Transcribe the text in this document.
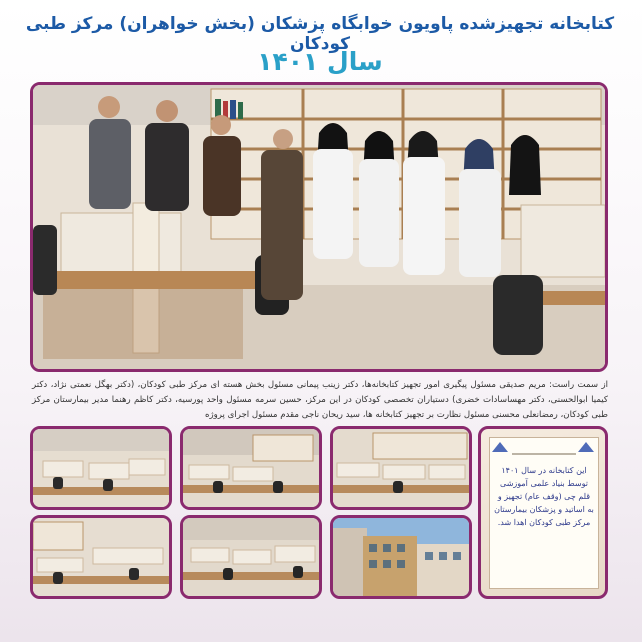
کتابخانه تجهیزشده پاویون خوابگاه پزشکان (بخش خواهران) مرکز طبی کودکان
سال ۱۴۰۱
از سمت راست: مریم صدیقی مسئول پیگیری امور تجهیز کتابخانه‌ها، دکتر زینب پیمانی مسئول بخش هسته ای مرکز طبی کودکان، (دکتر بهگل نعمتی نژاد، دکتر کیمیا ابوالحسنی، دکتر مهساسادات خضری) دستیاران تخصصی کودکان در این مرکز، حسین سرمه مسئول واحد پورسیه، دکتر کاظم رهنما مدیر بیمارستان مرکز طبی کودکان، رمضانعلی محسنی مسئول نظارت بر تجهیز کتابخانه ها، سید ریحان ناجی مقدم مسئول اجرای پروژه
این کتابخانه در سال ۱۴۰۱ توسط بنیاد علمی آموزشی قلم چی (وقف عام) تجهیز و به اساتید و پزشکان بیمارستان مرکز طبی کودکان اهدا شد.
